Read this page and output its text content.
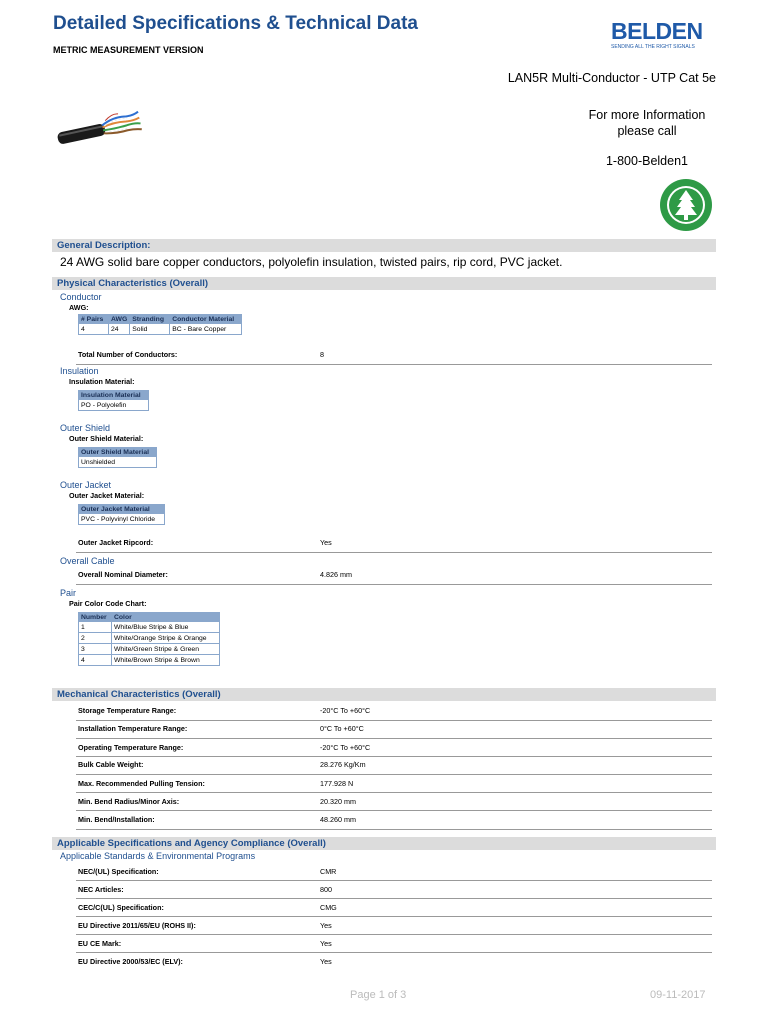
Detailed Specifications & Technical Data
METRIC MEASUREMENT VERSION
BELDEN
SENDING ALL THE RIGHT SIGNALS
LAN5R Multi-Conductor - UTP Cat 5e
For more Information
please call
1-800-Belden1
General Description:
24 AWG solid bare copper conductors, polyolefin insulation, twisted pairs, rip cord, PVC jacket.
Physical Characteristics (Overall)
Conductor
AWG:
# Pairs	AWG	Stranding	Conductor Material
4	24	Solid	BC - Bare Copper
Total Number of Conductors:	8
Insulation
Insulation Material:
Insulation Material
PO - Polyolefin
Outer Shield
Outer Shield Material:
Outer Shield Material
Unshielded
Outer Jacket
Outer Jacket Material:
Outer Jacket Material
PVC - Polyvinyl Chloride
Outer Jacket Ripcord:	Yes
Overall Cable
Overall Nominal Diameter:	4.826 mm
Pair
Pair Color Code Chart:
Number	Color
1	White/Blue Stripe & Blue
2	White/Orange Stripe & Orange
3	White/Green Stripe & Green
4	White/Brown Stripe & Brown
Mechanical Characteristics (Overall)
Storage Temperature Range:	-20°C To +60°C
Installation Temperature Range:	0°C To +60°C
Operating Temperature Range:	-20°C To +60°C
Bulk Cable Weight:	28.276 Kg/Km
Max. Recommended Pulling Tension:	177.928 N
Min. Bend Radius/Minor Axis:	20.320 mm
Min. Bend/Installation:	48.260 mm
Applicable Specifications and Agency Compliance (Overall)
Applicable Standards & Environmental Programs
NEC/(UL) Specification:	CMR
NEC Articles:	800
CEC/C(UL) Specification:	CMG
EU Directive 2011/65/EU (ROHS II):	Yes
EU CE Mark:	Yes
EU Directive 2000/53/EC (ELV):	Yes
Page 1 of 3	09-11-2017
